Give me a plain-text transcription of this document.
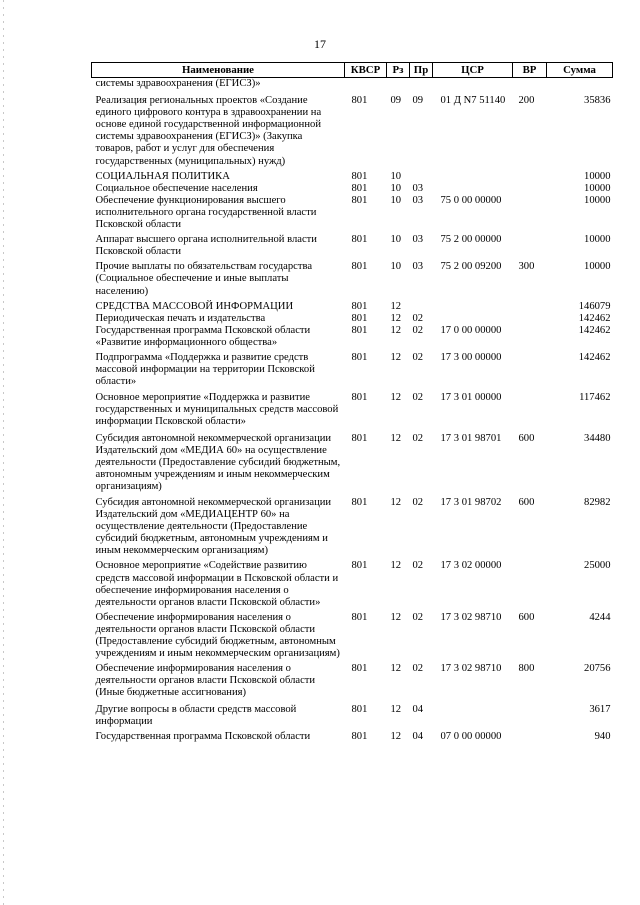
17
Наименование	КВСР	Рз	Пр	ЦСР	ВР	Сумма
системы здравоохранения (ЕГИСЗ)»						
Реализация региональных проектов «Создание единого цифрового контура в здравоохранении на основе единой государственной информационной системы здравоохранения (ЕГИСЗ)» (Закупка товаров, работ и услуг для обеспечения государственных (муниципальных) нужд)	801	09	09	01 Д N7 51140	200	35836
СОЦИАЛЬНАЯ ПОЛИТИКА	801	10				10000
Социальное обеспечение населения	801	10	03			10000
Обеспечение функционирования высшего исполнительного органа государственной власти Псковской области	801	10	03	75 0 00 00000		10000
Аппарат высшего органа исполнительной власти Псковской области	801	10	03	75 2 00 00000		10000
Прочие выплаты по обязательствам государства (Социальное обеспечение и иные выплаты населению)	801	10	03	75 2 00 09200	300	10000
СРЕДСТВА МАССОВОЙ ИНФОРМАЦИИ	801	12				146079
Периодическая печать и издательства	801	12	02			142462
Государственная программа Псковской области «Развитие информационного общества»	801	12	02	17 0 00 00000		142462
Подпрограмма «Поддержка и развитие средств массовой информации на территории Псковской области»	801	12	02	17 3 00 00000		142462
Основное мероприятие «Поддержка и развитие государственных и муниципальных средств массовой информации Псковской области»	801	12	02	17 3 01 00000		117462
Субсидия автономной некоммерческой организации Издательский дом «МЕДИА 60» на осуществление деятельности (Предоставление субсидий бюджетным, автономным учреждениям и иным некоммерческим организациям)	801	12	02	17 3 01 98701	600	34480
Субсидия автономной некоммерческой организации Издательский дом «МЕДИАЦЕНТР 60» на осуществление деятельности (Предоставление субсидий бюджетным, автономным учреждениям и иным некоммерческим организациям)	801	12	02	17 3 01 98702	600	82982
Основное мероприятие «Содействие развитию средств массовой информации в Псковской области и обеспечение информирования населения о деятельности органов власти Псковской области»	801	12	02	17 3 02 00000		25000
Обеспечение информирования населения о деятельности органов власти Псковской области (Предоставление субсидий бюджетным, автономным учреждениям и иным некоммерческим организациям)	801	12	02	17 3 02 98710	600	4244
Обеспечение информирования населения о деятельности органов власти Псковской области (Иные бюджетные ассигнования)	801	12	02	17 3 02 98710	800	20756
Другие вопросы в области средств массовой информации	801	12	04			3617
Государственная программа Псковской области	801	12	04	07 0 00 00000		940
